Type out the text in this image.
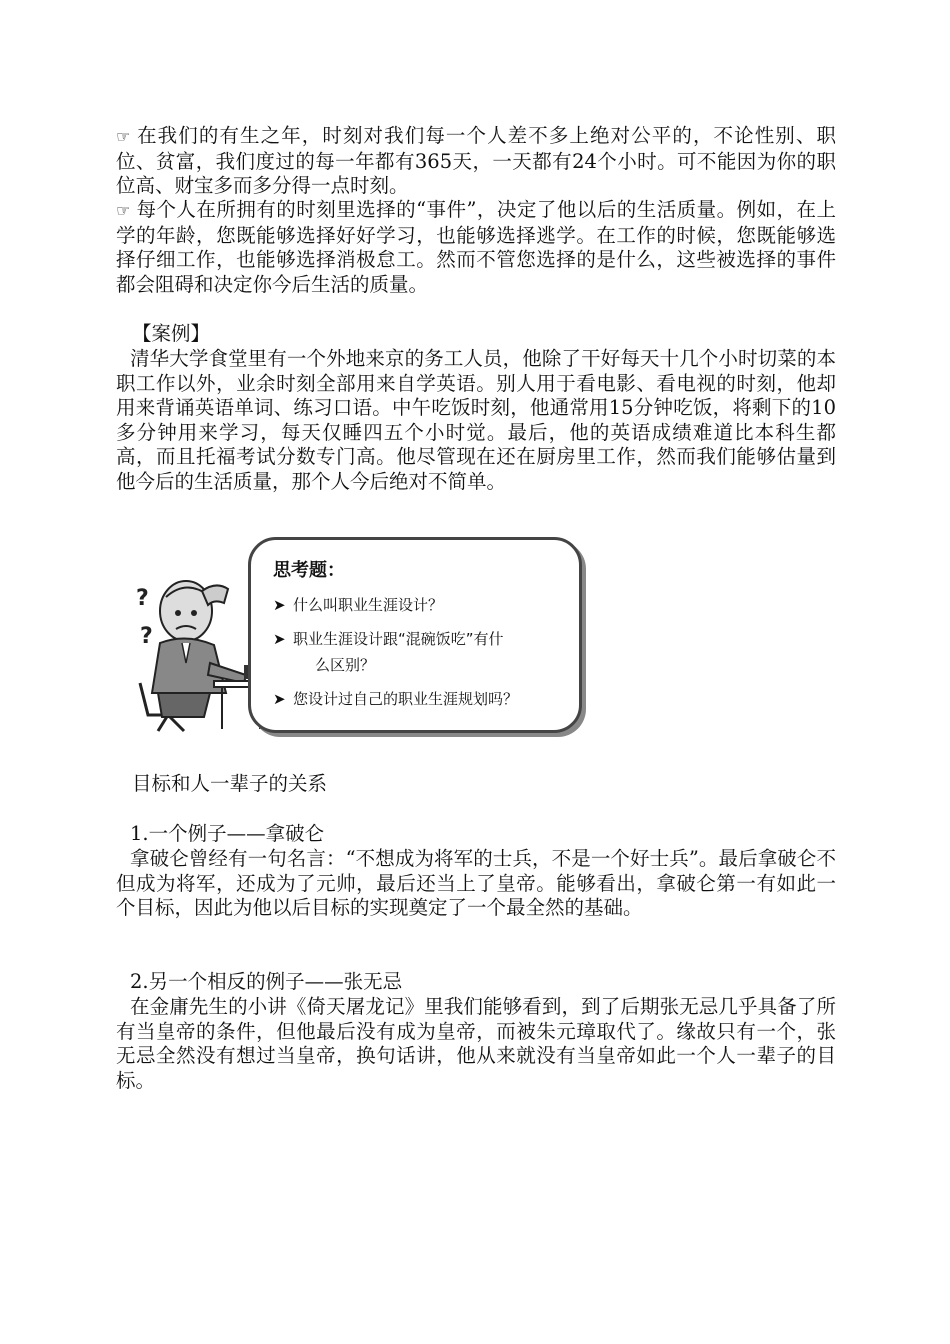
☞ 在我们的有生之年，时刻对我们每一个人差不多上绝对公平的，不论性别、职位、贫富，我们度过的每一年都有365天，一天都有24个小时。可不能因为你的职位高、财宝多而多分得一点时刻。

☞ 每个人在所拥有的时刻里选择的“事件”，决定了他以后的生活质量。例如，在上学的年龄，您既能够选择好好学习，也能够选择逃学。在工作的时候，您既能够选择仔细工作，也能够选择消极怠工。然而不管您选择的是什么，这些被选择的事件都会阻碍和决定你今后生活的质量。

【案例】

清华大学食堂里有一个外地来京的务工人员，他除了干好每天十几个小时切菜的本职工作以外，业余时刻全部用来自学英语。别人用于看电影、看电视的时刻，他却用来背诵英语单词、练习口语。中午吃饭时刻，他通常用15分钟吃饭，将剩下的10多分钟用来学习，每天仅睡四五个小时觉。最后，他的英语成绩难道比本科生都高，而且托福考试分数专门高。他尽管现在还在厨房里工作，然而我们能够估量到他今后的生活质量，那个人今后绝对不简单。

?
?
思考题：
➤ 什么叫职业生涯设计？
➤ 职业生涯设计跟“混碗饭吃”有什
么区别？
➤ 您设计过自己的职业生涯规划吗？

目标和人一辈子的关系

1.一个例子——拿破仑

拿破仑曾经有一句名言：“不想成为将军的士兵，不是一个好士兵”。最后拿破仑不但成为将军，还成为了元帅，最后还当上了皇帝。能够看出，拿破仑第一有如此一个目标，因此为他以后目标的实现奠定了一个最全然的基础。

2.另一个相反的例子——张无忌

在金庸先生的小讲《倚天屠龙记》里我们能够看到，到了后期张无忌几乎具备了所有当皇帝的条件，但他最后没有成为皇帝，而被朱元璋取代了。缘故只有一个，张无忌全然没有想过当皇帝，换句话讲，他从来就没有当皇帝如此一个人一辈子的目标。
